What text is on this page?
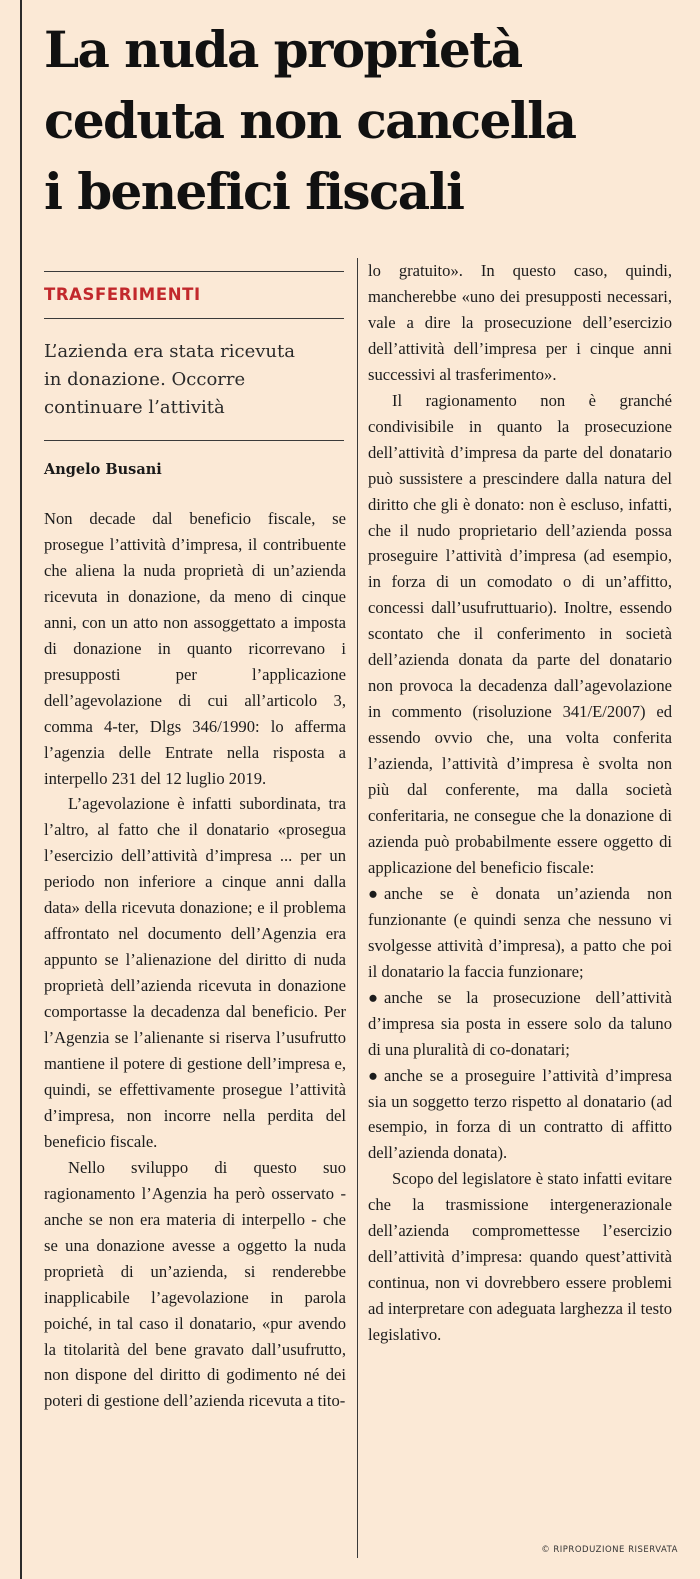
La nuda proprietà
ceduta non cancella
i benefici fiscali
TRASFERIMENTI
L’azienda era stata ricevuta
in donazione. Occorre
continuare l’attività
Angelo Busani

Non decade dal beneficio fiscale, se prosegue l’attività d’impresa, il contribuente che aliena la nuda proprietà di un’azienda ricevuta in donazione, da meno di cinque anni, con un atto non assoggettato a imposta di donazione in quanto ricorrevano i presupposti per l’applicazione dell’agevolazione di cui all’articolo 3, comma 4-ter, Dlgs 346/1990: lo afferma l’agenzia delle Entrate nella risposta a interpello 231 del 12 luglio 2019.

L’agevolazione è infatti subordinata, tra l’altro, al fatto che il donatario «prosegua l’esercizio dell’attività d’impresa ... per un periodo non inferiore a cinque anni dalla data» della ricevuta donazione; e il problema affrontato nel documento dell’Agenzia era appunto se l’alienazione del diritto di nuda proprietà dell’azienda ricevuta in donazione comportasse la decadenza dal beneficio. Per l’Agenzia se l’alienante si riserva l’usufrutto mantiene il potere di gestione dell’impresa e, quindi, se effettivamente prosegue l’attività d’impresa, non incorre nella perdita del beneficio fiscale.

Nello sviluppo di questo suo ragionamento l’Agenzia ha però osservato - anche se non era materia di interpello - che se una donazione avesse a oggetto la nuda proprietà di un’azienda, si renderebbe inapplicabile l’agevolazione in parola poiché, in tal caso il donatario, «pur avendo la titolarità del bene gravato dall’usufrutto, non dispone del diritto di godimento né dei poteri di gestione dell’azienda ricevuta a tito-

lo gratuito». In questo caso, quindi, mancherebbe «uno dei presupposti necessari, vale a dire la prosecuzione dell’esercizio dell’attività dell’impresa per i cinque anni successivi al trasferimento».

Il ragionamento non è granché condivisibile in quanto la prosecuzione dell’attività d’impresa da parte del donatario può sussistere a prescindere dalla natura del diritto che gli è donato: non è escluso, infatti, che il nudo proprietario dell’azienda possa proseguire l’attività d’impresa (ad esempio, in forza di un comodato o di un’affitto, concessi dall’usufruttuario). Inoltre, essendo scontato che il conferimento in società dell’azienda donata da parte del donatario non provoca la decadenza dall’agevolazione in commento (risoluzione 341/E/2007) ed essendo ovvio che, una volta conferita l’azienda, l’attività d’impresa è svolta non più dal conferente, ma dalla società conferitaria, ne consegue che la donazione di azienda può probabilmente essere oggetto di applicazione del beneficio fiscale:

● anche se è donata un’azienda non funzionante (e quindi senza che nessuno vi svolgesse attività d’impresa), a patto che poi il donatario la faccia funzionare;

● anche se la prosecuzione dell’attività d’impresa sia posta in essere solo da taluno di una pluralità di co-donatari;

● anche se a proseguire l’attività d’impresa sia un soggetto terzo rispetto al donatario (ad esempio, in forza di un contratto di affitto dell’azienda donata).

Scopo del legislatore è stato infatti evitare che la trasmissione intergenerazionale dell’azienda compromettesse l’esercizio dell’attività d’impresa: quando quest’attività continua, non vi dovrebbero essere problemi ad interpretare con adeguata larghezza il testo legislativo.

© RIPRODUZIONE RISERVATA
